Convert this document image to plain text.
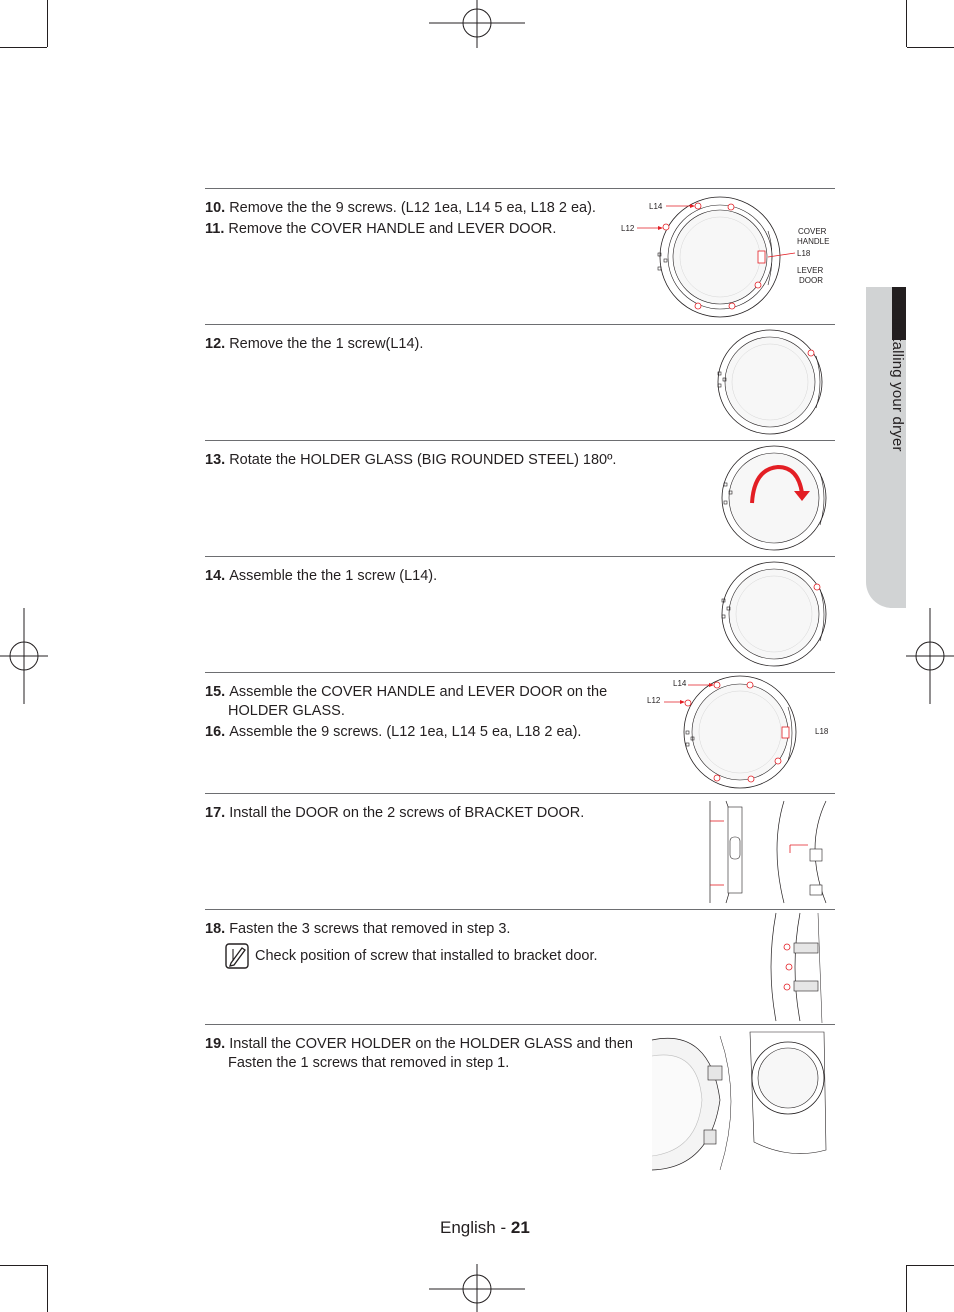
01 installing your dryer
10. Remove the the 9 screws. (L12 1ea, L14 5 ea, L18 2 ea).
11. Remove the COVER HANDLE and LEVER DOOR.
L14
L12	COVER
HANDLE
L18
LEVER
DOOR
12. Remove the the 1 screw(L14).
13. Rotate the HOLDER GLASS (BIG ROUNDED STEEL) 180º.
14. Assemble the the 1 screw (L14).
15. Assemble the COVER HANDLE and LEVER DOOR on the
HOLDER GLASS.
16. Assemble the 9 screws. (L12 1ea, L14 5 ea, L18 2 ea).
L14
L12
L18
17. Install the DOOR on the 2 screws of BRACKET DOOR.
18. Fasten the 3 screws that removed in step 3.
Check position of screw that installed to bracket door.
19. Install the COVER HOLDER on the HOLDER GLASS and then
Fasten the 1 screws that removed in step 1.
English - 21
